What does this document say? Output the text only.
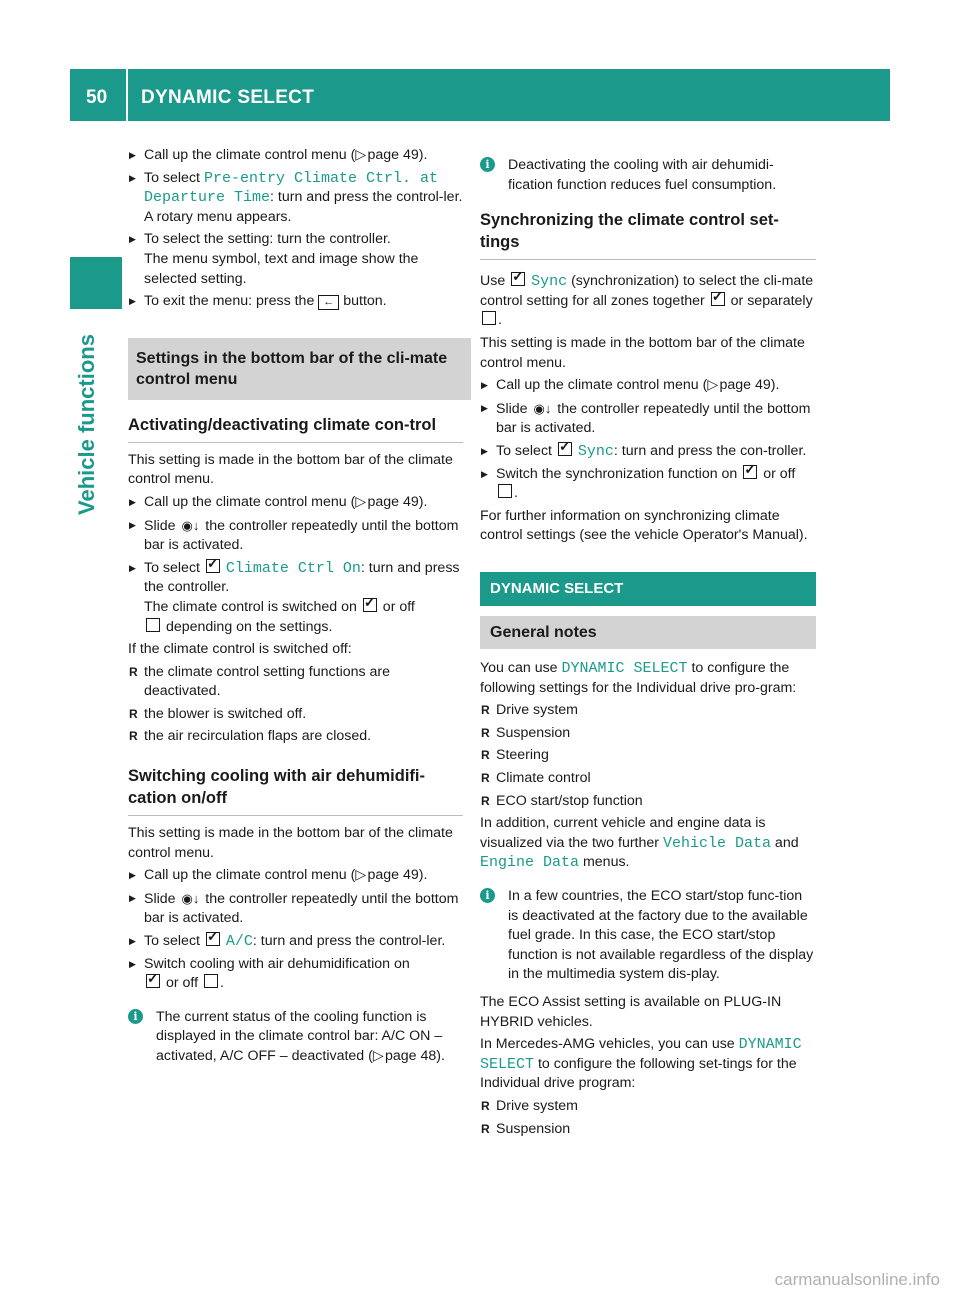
50 DYNAMIC SELECT
Vehicle functions

▶ Call up the climate control menu (▷ page 49).

▶ To select Pre-entry Climate Ctrl. at Departure Time: turn and press the control-ler.
A rotary menu appears.

▶ To select the setting: turn the controller.
The menu symbol, text and image show the selected setting.

▶ To exit the menu: press the ← button.

Settings in the bottom bar of the cli-mate control menu
Activating/deactivating climate con-trol

This setting is made in the bottom bar of the climate control menu.

▶ Call up the climate control menu (▷ page 49).

▶ Slide ◉↓ the controller repeatedly until the bottom bar is activated.

▶ To select ✓ Climate Ctrl On: turn and press the controller.
The climate control is switched on ✓ or off
depending on the settings.

If the climate control is switched off:

R the climate control setting functions are deactivated.

R the blower is switched off.

R the air recirculation flaps are closed.

Switching cooling with air dehumidifi-cation on/off

This setting is made in the bottom bar of the climate control menu.

▶ Call up the climate control menu (▷ page 49).

▶ Slide ◉↓ the controller repeatedly until the bottom bar is activated.

▶ To select ✓ A/C: turn and press the control-ler.

▶ Switch cooling with air dehumidification on
✓ or off .

i	The current status of the cooling function is displayed in the climate control bar: A/C ON – activated, A/C OFF – deactivated (▷ page 48).

i	Deactivating the cooling with air dehumidi-fication function reduces fuel consumption.

Synchronizing the climate control set-tings

Use ✓ Sync (synchronization) to select the cli-mate control setting for all zones together ✓ or separately .

This setting is made in the bottom bar of the climate control menu.

▶ Call up the climate control menu (▷ page 49).

▶ Slide ◉↓ the controller repeatedly until the bottom bar is activated.

▶ To select ✓ Sync: turn and press the con-troller.

▶ Switch the synchronization function on ✓ or off .

For further information on synchronizing climate control settings (see the vehicle Operator's Manual).

DYNAMIC SELECT
General notes

You can use DYNAMIC SELECT to configure the following settings for the Individual drive pro-gram:

R Drive system

R Suspension

R Steering

R Climate control

R ECO start/stop function

In addition, current vehicle and engine data is visualized via the two further Vehicle Data and Engine Data menus.

i	In a few countries, the ECO start/stop func-tion is deactivated at the factory due to the available fuel grade. In this case, the ECO start/stop function is not available regardless of the display in the multimedia system dis-play.

The ECO Assist setting is available on PLUG-IN HYBRID vehicles.

In Mercedes-AMG vehicles, you can use DYNAMIC SELECT to configure the following set-tings for the Individual drive program:

R Drive system

R Suspension

carmanualsonline.info
